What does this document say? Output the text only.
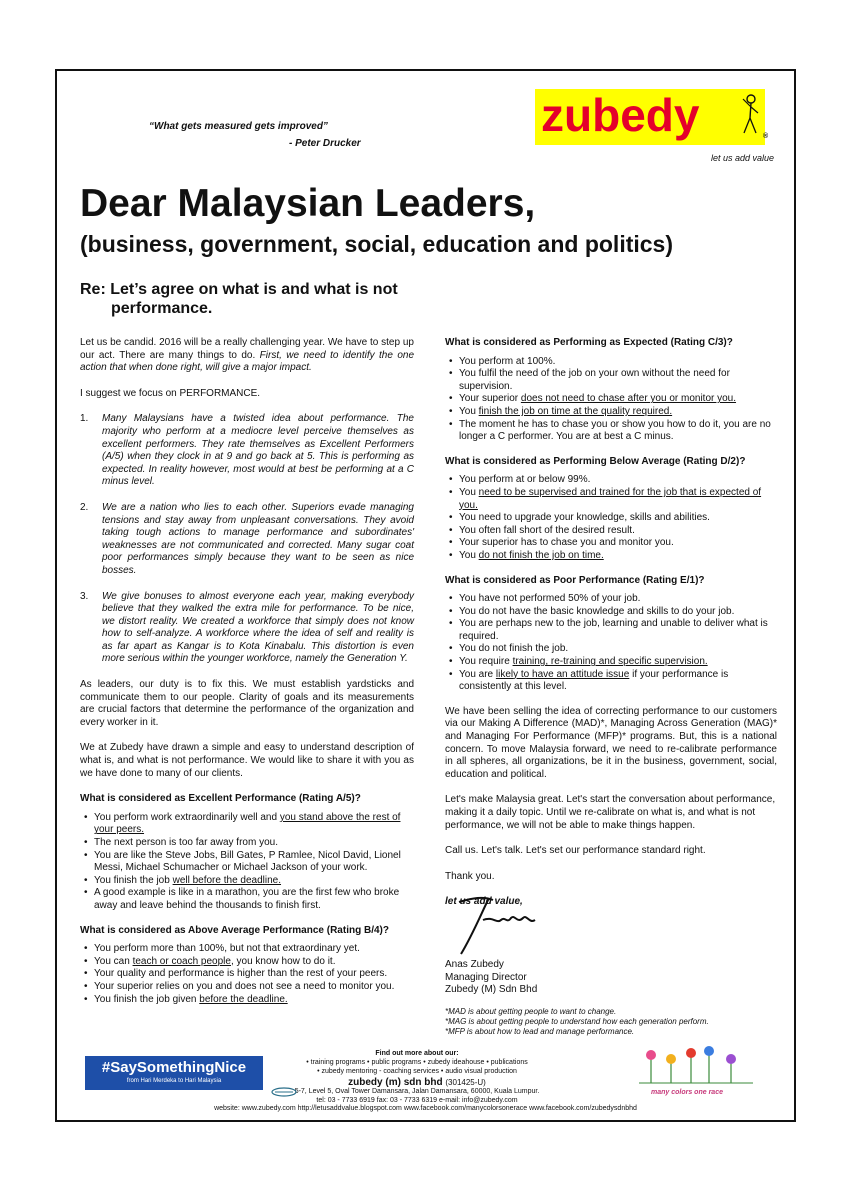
“What gets measured gets improved”
- Peter Drucker
zubedy	®
let us add value
Dear Malaysian Leaders,
(business, government, social, education and politics)
Re: Let’s agree on what is and what is not
performance.

Let us be candid. 2016 will be a really challenging year. We have to step up our act. There are many things to do. First, we need to identify the one action that when done right, will give a major impact.

I suggest we focus on PERFORMANCE.

1. Many Malaysians have a twisted idea about performance. The majority who perform at a mediocre level perceive themselves as excellent performers. They rate themselves as Excellent Performers (A/5) when they clock in at 9 and go back at 5. This is performing as expected. In reality however, most would at best be performing at a C minus level.
2. We are a nation who lies to each other. Superiors evade managing tensions and stay away from unpleasant conversations. They avoid taking tough actions to manage performance and subordinates' weaknesses are not communicated and corrected. Many sugar coat poor performances simply because they want to be seen as nice bosses.
3. We give bonuses to almost everyone each year, making everybody believe that they walked the extra mile for performance. To be nice, we distort reality. We created a workforce that simply does not know how to self-analyze. A workforce where the idea of self and reality is as far apart as Kangar is to Kota Kinabalu. This distortion is even more serious within the younger workforce, namely the Generation Y.

As leaders, our duty is to fix this. We must establish yardsticks and communicate them to our people. Clarity of goals and its measurements are crucial factors that determine the performance of the organization and every worker in it.

We at Zubedy have drawn a simple and easy to understand description of what is, and what is not performance. We would like to share it with you as we have done to many of our clients.

What is considered as Excellent Performance (Rating A/5)?
• You perform work extraordinarily well and you stand above the rest of your peers.
• The next person is too far away from you.
• You are like the Steve Jobs, Bill Gates, P Ramlee, Nicol David, Lionel Messi, Michael Schumacher or Michael Jackson of your work.
• You finish the job well before the deadline.
• A good example is like in a marathon, you are the first few who broke away and leave behind the thousands to finish first.
What is considered as Above Average Performance (Rating B/4)?
• You perform more than 100%, but not that extraordinary yet.
• You can teach or coach people, you know how to do it.
• Your quality and performance is higher than the rest of your peers.
• Your superior relies on you and does not see a need to monitor you.
• You finish the job given before the deadline.
What is considered as Performing as Expected (Rating C/3)?
• You perform at 100%.
• You fulfil the need of the job on your own without the need for supervision.
• Your superior does not need to chase after you or monitor you.
• You finish the job on time at the quality required.
• The moment he has to chase you or show you how to do it, you are no longer a C performer. You are at best a C minus.
What is considered as Performing Below Average (Rating D/2)?
• You perform at or below 99%.
• You need to be supervised and trained for the job that is expected of you.
• You need to upgrade your knowledge, skills and abilities.
• You often fall short of the desired result.
• Your superior has to chase you and monitor you.
• You do not finish the job on time.
What is considered as Poor Performance (Rating E/1)?
• You have not performed 50% of your job.
• You do not have the basic knowledge and skills to do your job.
• You are perhaps new to the job, learning and unable to deliver what is required.
• You do not finish the job.
• You require training, re-training and specific supervision.
• You are likely to have an attitude issue if your performance is consistently at this level.

We have been selling the idea of correcting performance to our customers via our Making A Difference (MAD)*, Managing Across Generation (MAG)* and Managing For Performance (MFP)* programs. But, this is a national concern. To move Malaysia forward, we need to re-calibrate performance in all spheres, all organizations, be it in the business, government, social, education and political.

Let's make Malaysia great. Let's start the conversation about performance, making it a daily topic. Until we re-calibrate on what is, and what is not performance, we will not be able to make things happen.

Call us. Let's talk. Let's set our performance standard right.

Thank you.

let us add value,
Anas Zubedy
Managing Director
Zubedy (M) Sdn Bhd
*MAD is about getting people to want to change.
*MAG is about getting people to understand how each generation perform.
*MFP is about how to lead and manage performance.
#SaySomethingNice
from Hari Merdeka to Hari Malaysia
Find out more about our:
• training programs • public programs • zubedy ideahouse • publications
• zubedy mentoring - coaching services • audio visual production
zubedy (m) sdn bhd (301425-U)
5-7, Level 5, Oval Tower Damansara, Jalan Damansara, 60000, Kuala Lumpur.
tel: 03 - 7733 6919 fax: 03 - 7733 6319 e-mail: info@zubedy.com
website: www.zubedy.com http://letusaddvalue.blogspot.com www.facebook.com/manycolorsonerace www.facebook.com/zubedysdnbhd
many colors one race
